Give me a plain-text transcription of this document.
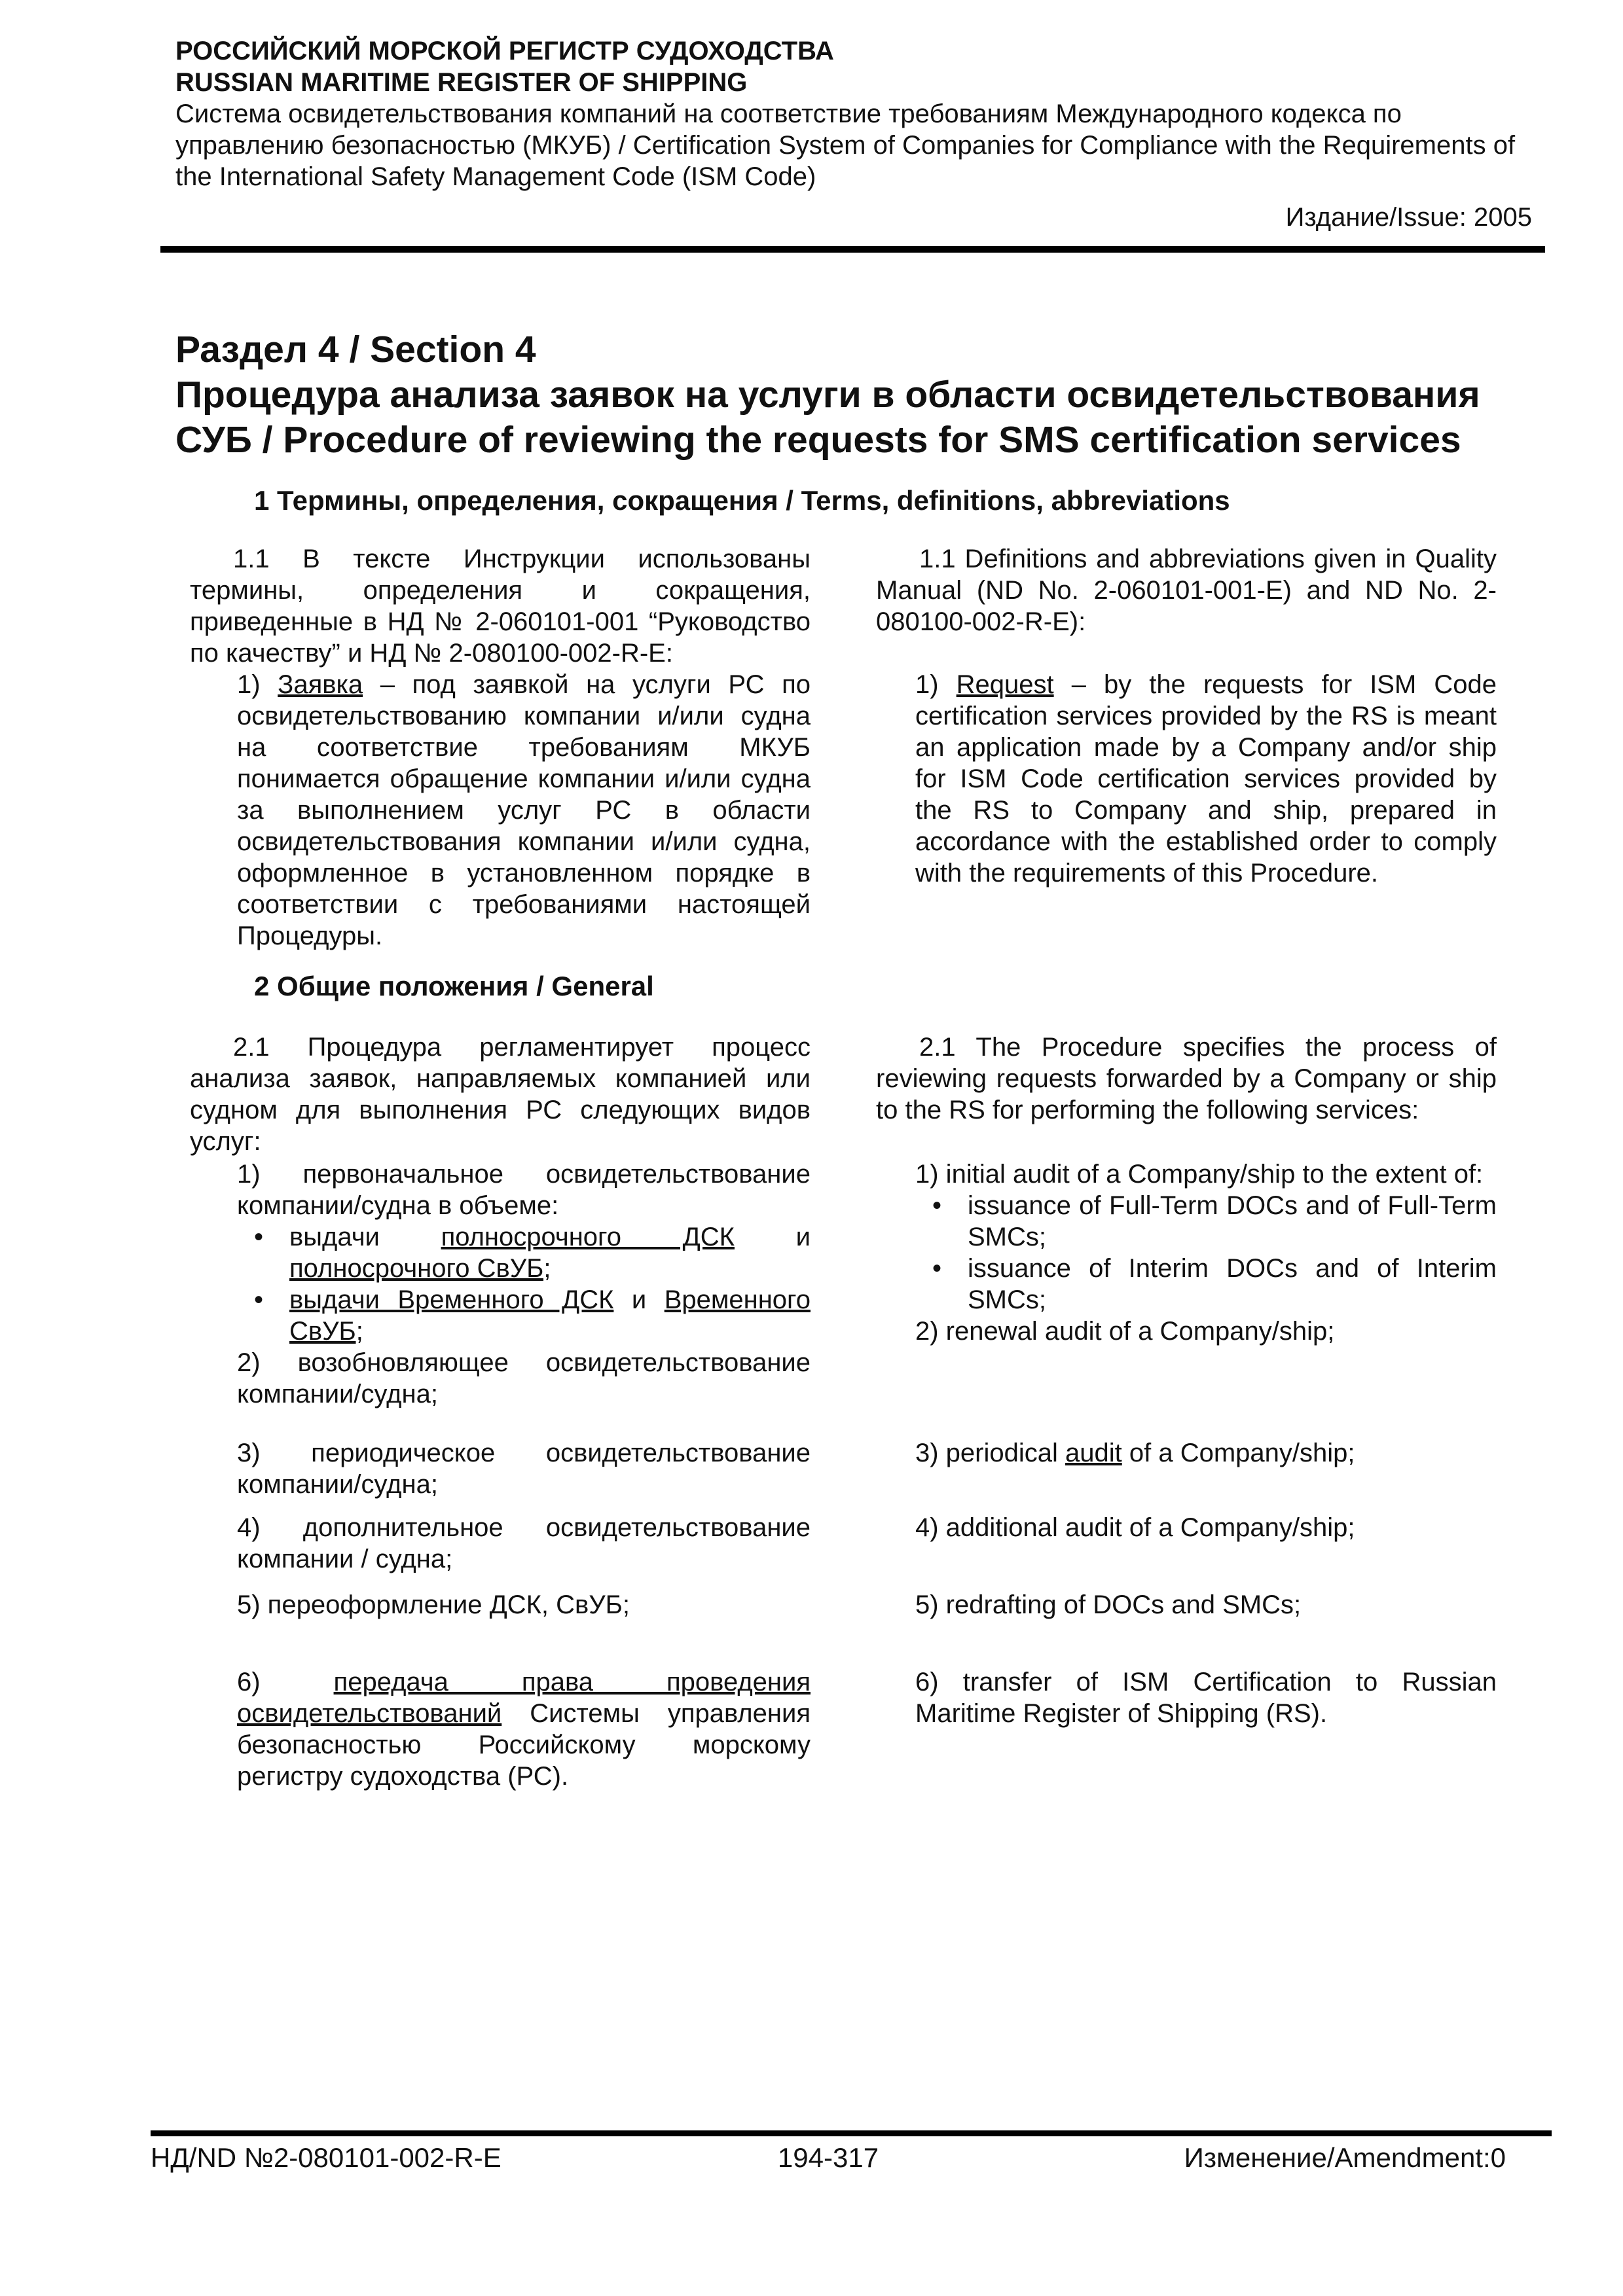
РОССИЙСКИЙ МОРСКОЙ РЕГИСТР СУДОХОДСТВА
RUSSIAN MARITIME REGISTER OF SHIPPING
Система освидетельствования компаний на соответствие требованиям Международного кодекса по управлению безопасностью (МКУБ) / Certification System of Companies for Compliance with the Requirements of the International Safety Management Code (ISM Code)
Издание/Issue: 2005
Раздел 4 / Section 4
Процедура анализа заявок на услуги в области освидетельствования СУБ / Procedure of reviewing the requests for SMS certification services
1 Термины, определения, сокращения / Terms, definitions, abbreviations
1.1 В тексте Инструкции использованы термины, определения и сокращения, приведенные в НД № 2-060101-001 “Руководство по качеству” и НД № 2-080100-002-R-E:
1.1 Definitions and abbreviations given in Quality Manual (ND No. 2-060101-001-E) and ND No. 2-080100-002-R-E):
1) Заявка – под заявкой на услуги РС по освидетельствованию компании и/или судна на соответствие требованиям МКУБ понимается обращение компании и/или судна за выполнением услуг РС в области освидетельствования компании и/или судна, оформленное в установленном порядке в соответствии с требованиями настоящей Процедуры.
1) Request – by the requests for ISM Code certification services provided by the RS is meant an application made by a Company and/or ship for ISM Code certification services provided by the RS to Company and ship, prepared in accordance with the established order to comply with the requirements of this Procedure.
2 Общие положения / General
2.1 Процедура регламентирует процесс анализа заявок, направляемых компанией или судном для выполнения РС следующих видов услуг:
2.1 The Procedure specifies the process of reviewing requests forwarded by a Company or ship to the RS for performing the following services:
1) первоначальное освидетельствование компании/судна в объеме:
• выдачи полносрочного ДСК и полносрочного СвУБ;
• выдачи Временного ДСК и Временного СвУБ;
2) возобновляющее освидетельствование компании/судна;
1) initial audit of a Company/ship to the extent of:
• issuance of Full-Term DOCs and of Full-Term SMCs;
• issuance of Interim DOCs and of Interim SMCs;
2) renewal audit of a Company/ship;
3) периодическое освидетельствование компании/судна;
3) periodical audit of a Company/ship;
4) дополнительное освидетельствование компании / судна;
4) additional audit of a Company/ship;
5) переоформление ДСК, СвУБ;	5) redrafting of DOCs and SMCs;
6) передача права проведения освидетельствований Системы управления безопасностью Российскому морскому регистру судоходства (РС).
6) transfer of ISM Certification to Russian Maritime Register of Shipping (RS).
НД/ND №2-080101-002-R-E	194-317	Изменение/Amendment:0
